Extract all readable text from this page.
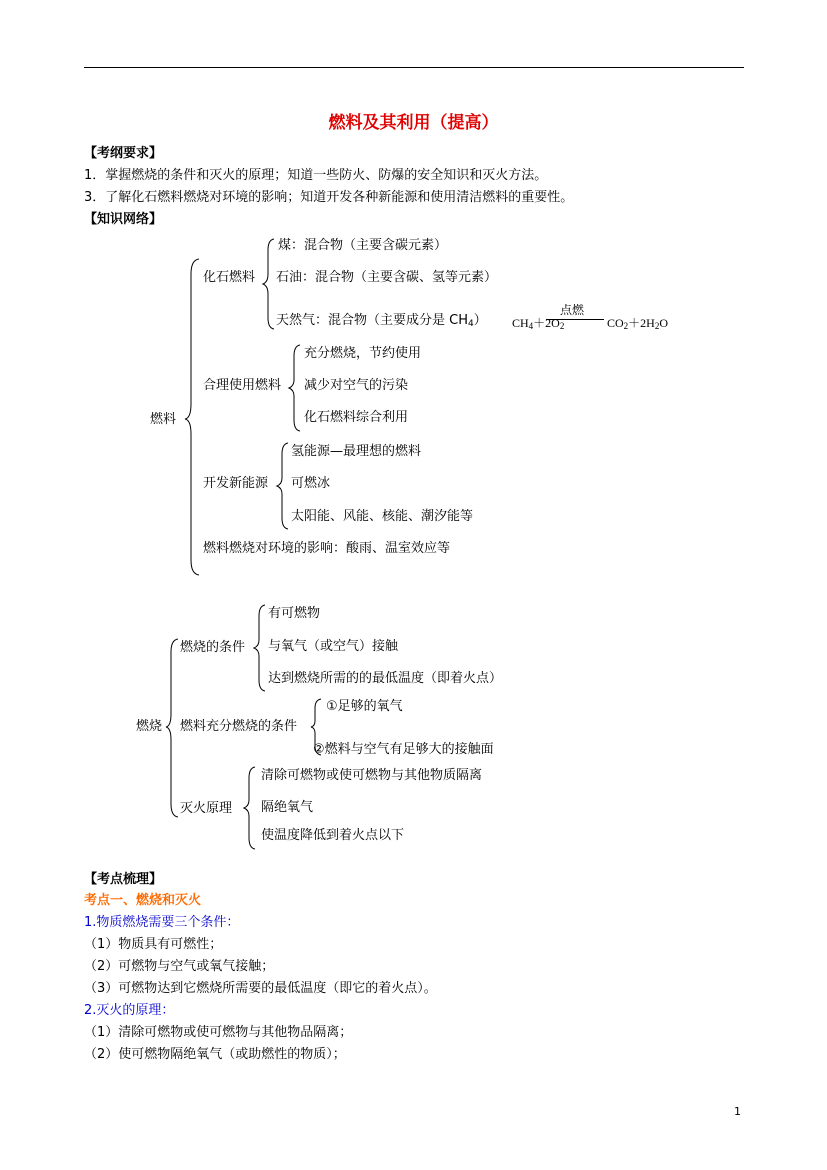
燃料及其利用（提高）
【考纲要求】
1．掌握燃烧的条件和灭火的原理；知道一些防火、防爆的安全知识和灭火方法。
3．了解化石燃料燃烧对环境的影响；知道开发各种新能源和使用清洁燃料的重要性。
【知识网络】
燃料
化石燃料
煤：混合物（主要含碳元素）
石油：混合物（主要含碳、氢等元素）
天然气：混合物（主要成分是 $CH_4$） $CH_4+2O_2$
点燃
$CO_2+2H_2O$
合理使用燃料
充分燃烧，节约使用
减少对空气的污染
化石燃料综合利用
开发新能源
氢能源—最理想的燃料
可燃冰
太阳能、风能、核能、潮汐能等
燃料燃烧对环境的影响：酸雨、温室效应等
燃烧
燃烧的条件
有可燃物
与氧气（或空气）接触
达到燃烧所需的的最低温度（即着火点）
燃料充分燃烧的条件
①足够的氧气
②燃料与空气有足够大的接触面
灭火原理
清除可燃物或使可燃物与其他物质隔离
隔绝氧气
使温度降低到着火点以下
【考点梳理】
考点一、燃烧和灭火
1.物质燃烧需要三个条件：
（1）物质具有可燃性；
（2）可燃物与空气或氧气接触；
（3）可燃物达到它燃烧所需要的最低温度（即它的着火点）。
2.灭火的原理：
（1）清除可燃物或使可燃物与其他物品隔离；
（2）使可燃物隔绝氧气（或助燃性的物质）；
1
